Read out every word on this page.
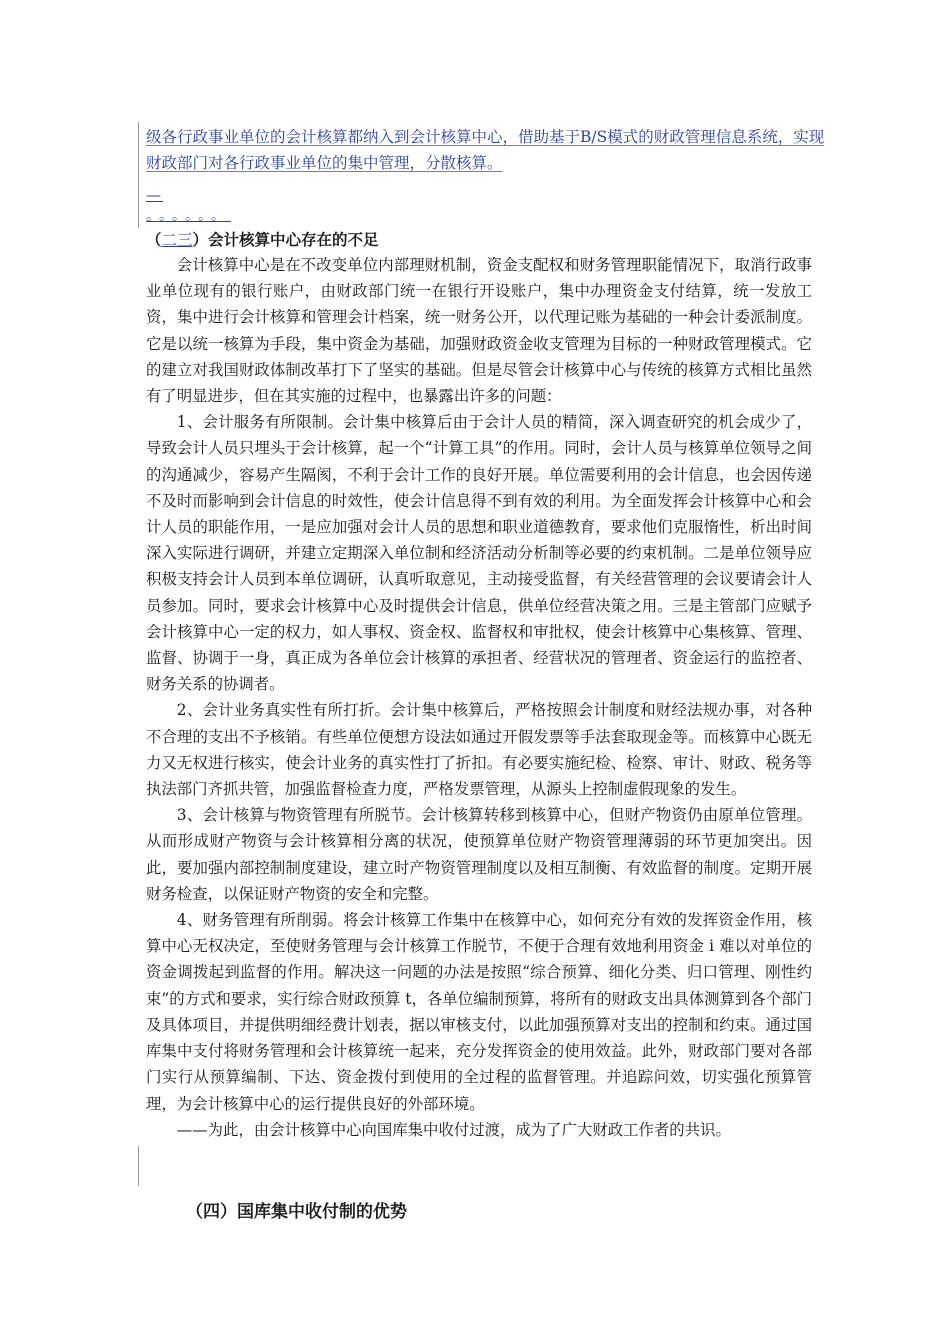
级各行政事业单位的会计核算都纳入到会计核算中心，借助基于B/S模式的财政管理信息系统，实现财政部门对各行政事业单位的集中管理，分散核算。
—
。。。。。。
（二三）会计核算中心存在的不足

会计核算中心是在不改变单位内部理财机制，资金支配权和财务管理职能情况下，取消行政事业单位现有的银行账户，由财政部门统一在银行开设账户，集中办理资金支付结算，统一发放工资，集中进行会计核算和管理会计档案，统一财务公开，以代理记账为基础的一种会计委派制度。它是以统一核算为手段，集中资金为基础，加强财政资金收支管理为目标的一种财政管理模式。它的建立对我国财政体制改革打下了坚实的基础。但是尽管会计核算中心与传统的核算方式相比虽然有了明显进步，但在其实施的过程中，也暴露出许多的问题：

1、会计服务有所限制。会计集中核算后由于会计人员的精简，深入调查研究的机会成少了，导致会计人员只埋头于会计核算，起一个“计算工具”的作用。同时，会计人员与核算单位领导之间的沟通减少，容易产生隔阂，不利于会计工作的良好开展。单位需要利用的会计信息，也会因传递不及时而影响到会计信息的时效性，使会计信息得不到有效的利用。为全面发挥会计核算中心和会计人员的职能作用，一是应加强对会计人员的思想和职业道德教育，要求他们克服惰性，析出时间深入实际进行调研，并建立定期深入单位制和经济活动分析制等必要的约束机制。二是单位领导应积极支持会计人员到本单位调研，认真听取意见，主动接受监督，有关经营管理的会议要请会计人员参加。同时，要求会计核算中心及时提供会计信息，供单位经营决策之用。三是主管部门应赋予会计核算中心一定的权力，如人事权、资金权、监督权和审批权，使会计核算中心集核算、管理、监督、协调于一身，真正成为各单位会计核算的承担者、经营状况的管理者、资金运行的监控者、财务关系的协调者。

2、会计业务真实性有所打折。会计集中核算后，严格按照会计制度和财经法规办事，对各种不合理的支出不予核销。有些单位便想方设法如通过开假发票等手法套取现金等。而核算中心既无力又无权进行核实，使会计业务的真实性打了折扣。有必要实施纪检、检察、审计、财政、税务等执法部门齐抓共管，加强监督检查力度，严格发票管理，从源头上控制虚假现象的发生。

3、会计核算与物资管理有所脱节。会计核算转移到核算中心，但财产物资仍由原单位管理。从而形成财产物资与会计核算相分离的状况，使预算单位财产物资管理薄弱的环节更加突出。因此，要加强内部控制制度建设，建立时产物资管理制度以及相互制衡、有效监督的制度。定期开展财务检查，以保证财产物资的安全和完整。

4、财务管理有所削弱。将会计核算工作集中在核算中心，如何充分有效的发挥资金作用，核算中心无权决定，至使财务管理与会计核算工作脱节，不便于合理有效地利用资金 i 难以对单位的资金调拨起到监督的作用。解决这一问题的办法是按照“综合预算、细化分类、归口管理、刚性约束”的方式和要求，实行综合财政预算 t，各单位编制预算，将所有的财政支出具体测算到各个部门及具体项目，并提供明细经费计划表，据以审核支付，以此加强预算对支出的控制和约束。通过国库集中支付将财务管理和会计核算统一起来，充分发挥资金的使用效益。此外，财政部门要对各部门实行从预算编制、下达、资金拨付到使用的全过程的监督管理。并追踪问效，切实强化预算管理，为会计核算中心的运行提供良好的外部环境。

——为此，由会计核算中心向国库集中收付过渡，成为了广大财政工作者的共识。

（四）国库集中收付制的优势
